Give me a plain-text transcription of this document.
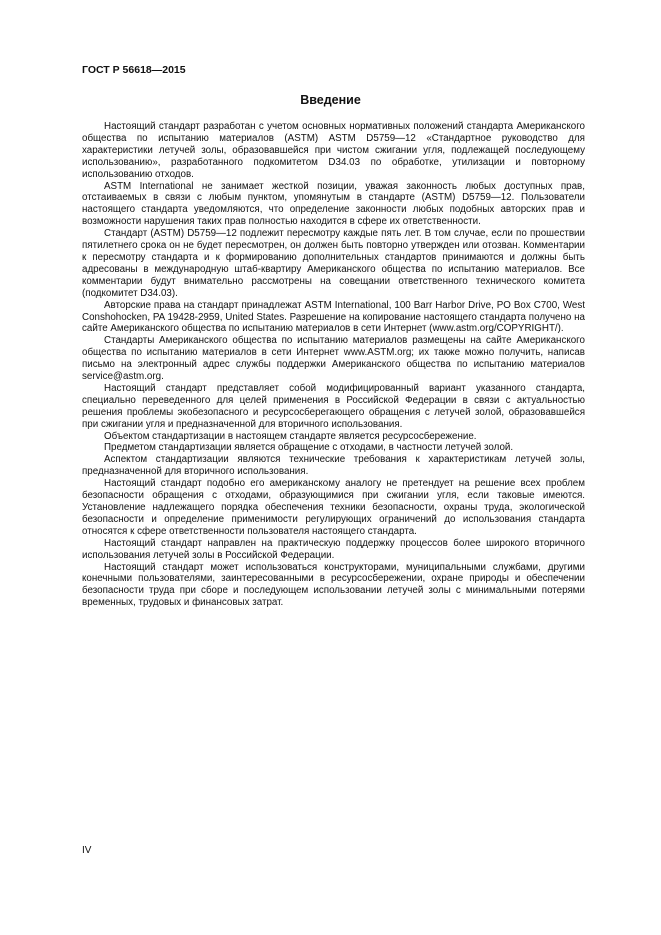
ГОСТ Р 56618—2015
Введение

Настоящий стандарт разработан с учетом основных нормативных положений стандарта Американского общества по испытанию материалов (ASTM) ASTM D5759—12 «Стандартное руководство для характеристики летучей золы, образовавшейся при чистом сжигании угля, подлежащей последующему использованию», разработанного подкомитетом D34.03 по обработке, утилизации и повторному использованию отходов.

ASTM International не занимает жесткой позиции, уважая законность любых доступных прав, отстаиваемых в связи с любым пунктом, упомянутым в стандарте (ASTM) D5759—12. Пользователи настоящего стандарта уведомляются, что определение законности любых подобных авторских прав и возможности нарушения таких прав полностью находится в сфере их ответственности.

Стандарт (ASTM) D5759—12 подлежит пересмотру каждые пять лет. В том случае, если по прошествии пятилетнего срока он не будет пересмотрен, он должен быть повторно утвержден или отозван. Комментарии к пересмотру стандарта и к формированию дополнительных стандартов принимаются и должны быть адресованы в международную штаб-квартиру Американского общества по испытанию материалов. Все комментарии будут внимательно рассмотрены на совещании ответственного технического комитета (подкомитет D34.03).

Авторские права на стандарт принадлежат ASTM International, 100 Barr Harbor Drive, PO Box C700, West Conshohocken, PA 19428-2959, United States. Разрешение на копирование настоящего стандарта получено на сайте Американского общества по испытанию материалов в сети Интернет (www.astm.org/COPYRIGHT/).

Стандарты Американского общества по испытанию материалов размещены на сайте Американского общества по испытанию материалов в сети Интернет www.ASTM.org; их также можно получить, написав письмо на электронный адрес службы поддержки Американского общества по испытанию материалов service@astm.org.

Настоящий стандарт представляет собой модифицированный вариант указанного стандарта, специально переведенного для целей применения в Российской Федерации в связи с актуальностью решения проблемы экобезопасного и ресурсосберегающего обращения с летучей золой, образовавшейся при сжигании угля и предназначенной для вторичного использования.

Объектом стандартизации в настоящем стандарте является ресурсосбережение.

Предметом стандартизации является обращение с отходами, в частности летучей золой.

Аспектом стандартизации являются технические требования к характеристикам летучей золы, предназначенной для вторичного использования.

Настоящий стандарт подобно его американскому аналогу не претендует на решение всех проблем безопасности обращения с отходами, образующимися при сжигании угля, если таковые имеются. Установление надлежащего порядка обеспечения техники безопасности, охраны труда, экологической безопасности и определение применимости регулирующих ограничений до использования стандарта относятся к сфере ответственности пользователя настоящего стандарта.

Настоящий стандарт направлен на практическую поддержку процессов более широкого вторичного использования летучей золы в Российской Федерации.

Настоящий стандарт может использоваться конструкторами, муниципальными службами, другими конечными пользователями, заинтересованными в ресурсосбережении, охране природы и обеспечении безопасности труда при сборе и последующем использовании летучей золы с минимальными потерями временных, трудовых и финансовых затрат.

IV
